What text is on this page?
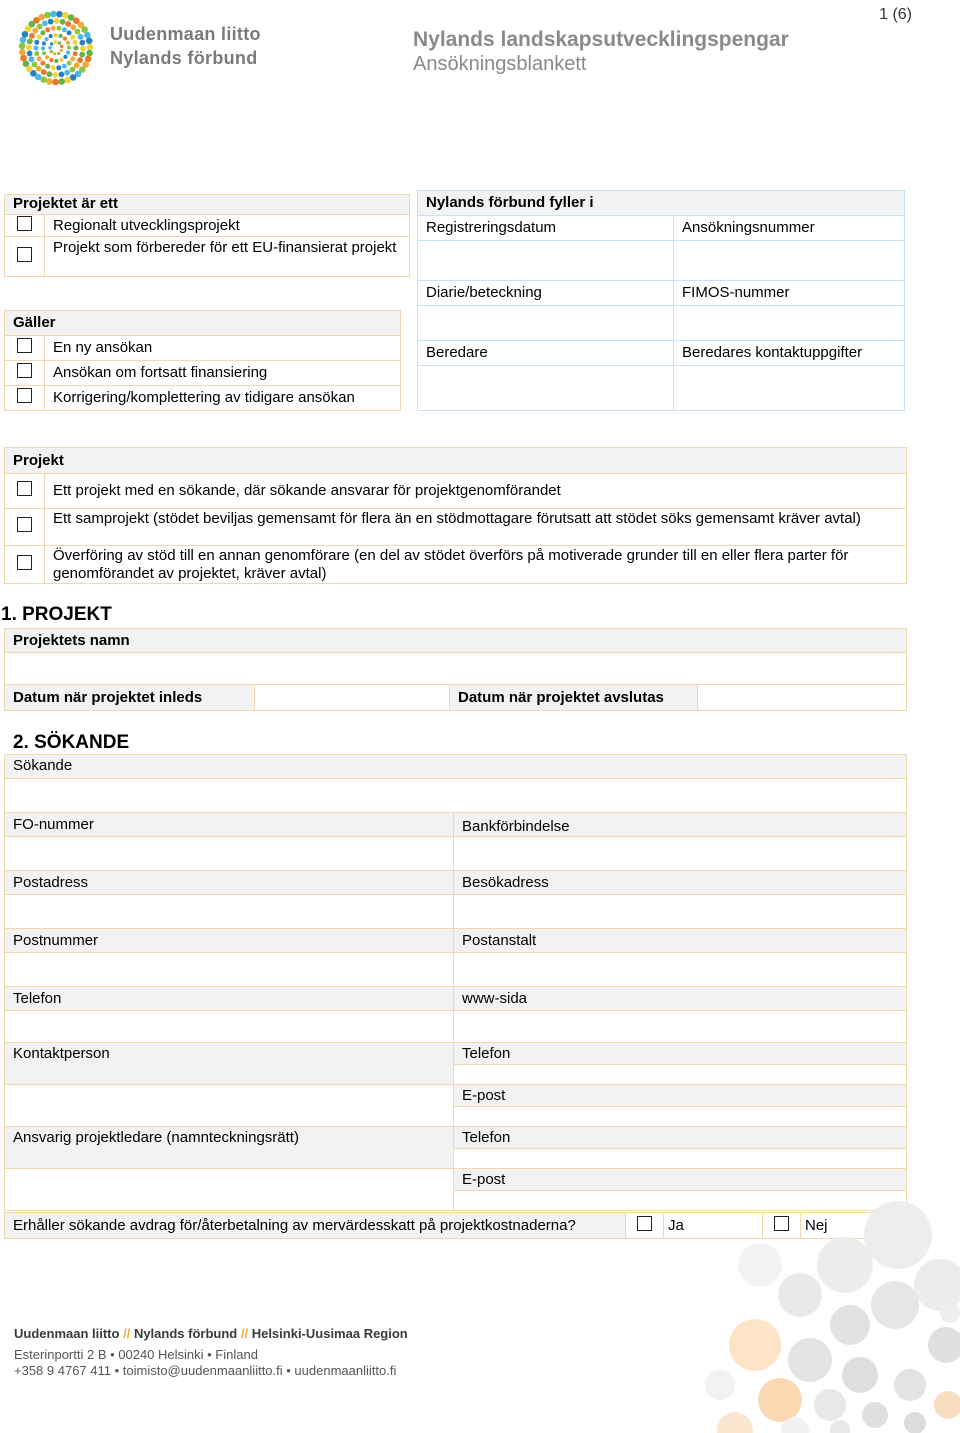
Uudenmaan liitto
Nylands förbund
1 (6)
Nylands landskapsutvecklingspengar
Ansökningsblankett
Projektet är ett	
	Regionalt utvecklingsprojekt
	Projekt som förbereder för ett EU-finansierat projekt
Gäller	
	En ny ansökan
	Ansökan om fortsatt finansiering
	Korrigering/komplettering av tidigare ansökan
Nylands förbund fyller i	
Registreringsdatum	Ansökningsnummer

Diarie/beteckning	FIMOS-nummer

Beredare	Beredares kontaktuppgifter

Projekt	
	Ett projekt med en sökande, där sökande ansvarar för projektgenomförandet
	Ett samprojekt (stödet beviljas gemensamt för flera än en stödmottagare förutsatt att stödet söks gemensamt kräver avtal)
	Överföring av stöd till en annan genomförare (en del av stödet överförs på motiverade grunder till en eller flera parter för genomförandet av projektet, kräver avtal)
1. PROJEKT
Projektets namn

Datum när projektet inleds		Datum när projektet avslutas	
2. SÖKANDE
Sökande	

FO-nummer	Bankförbindelse

Postadress	Besökadress

Postnummer	Postanstalt

Telefon	www-sida

Kontaktperson	Telefon

	E-post

Ansvarig projektledare (namnteckningsrätt)	Telefon

	E-post

Erhåller sökande avdrag för/återbetalning av mervärdesskatt på projektkostnaderna?		Ja		Nej
Uudenmaan liitto // Nylands förbund // Helsinki-Uusimaa Region
Esterinportti 2 B • 00240 Helsinki • Finland
+358 9 4767 411 • toimisto@uudenmaanliitto.fi • uudenmaanliitto.fi
